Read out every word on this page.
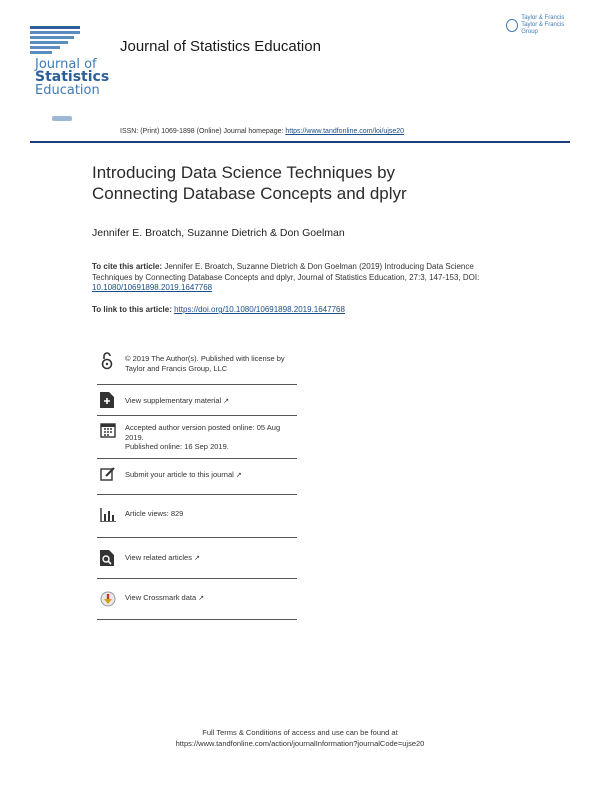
Journal of
Statistics
Education
Journal of Statistics Education
Taylor & Francis
Taylor & Francis Group
ISSN: (Print) 1069-1898 (Online) Journal homepage: https://www.tandfonline.com/loi/ujse20
Introducing Data Science Techniques by
Connecting Database Concepts and dplyr
Jennifer E. Broatch, Suzanne Dietrich & Don Goelman
To cite this article: Jennifer E. Broatch, Suzanne Dietrich & Don Goelman (2019) Introducing Data Science Techniques by Connecting Database Concepts and dplyr, Journal of Statistics Education, 27:3, 147-153, DOI: 10.1080/10691898.2019.1647768
To link to this article: https://doi.org/10.1080/10691898.2019.1647768
© 2019 The Author(s). Published with license by Taylor and Francis Group, LLC
View supplementary material ↗
Accepted author version posted online: 05 Aug 2019.
Published online: 16 Sep 2019.
Submit your article to this journal ↗
Article views: 829
View related articles ↗
View Crossmark data ↗
Full Terms & Conditions of access and use can be found at
https://www.tandfonline.com/action/journalInformation?journalCode=ujse20
